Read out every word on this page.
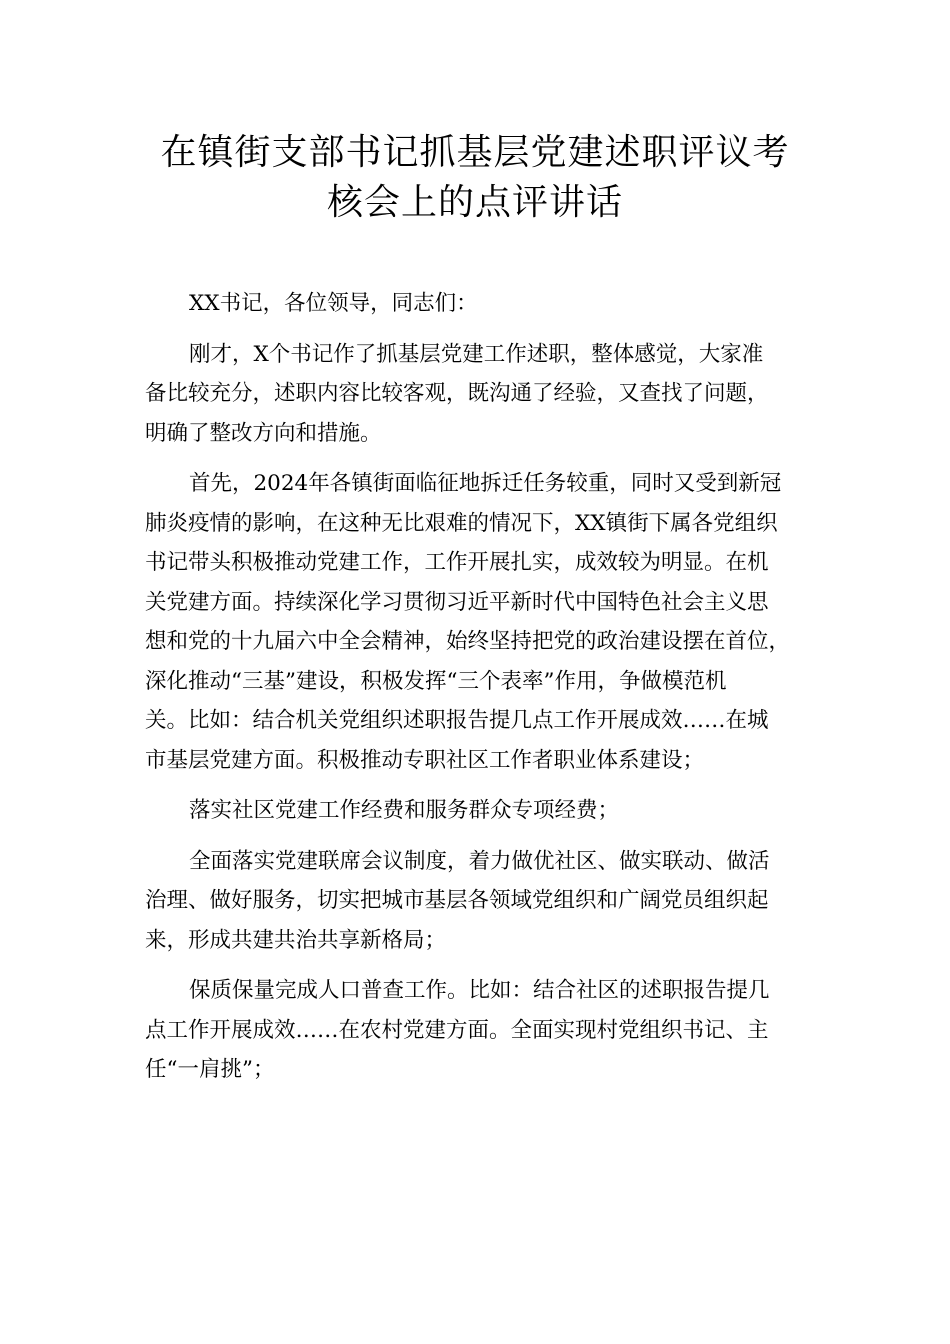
在镇街支部书记抓基层党建述职评议考
核会上的点评讲话

XX书记，各位领导，同志们：

刚才，X个书记作了抓基层党建工作述职，整体感觉，大家准
备比较充分，述职内容比较客观，既沟通了经验，又查找了问题，
明确了整改方向和措施。

首先，2024年各镇街面临征地拆迁任务较重，同时又受到新冠
肺炎疫情的影响，在这种无比艰难的情况下，XX镇街下属各党组织
书记带头积极推动党建工作，工作开展扎实，成效较为明显。在机
关党建方面。持续深化学习贯彻习近平新时代中国特色社会主义思
想和党的十九届六中全会精神，始终坚持把党的政治建设摆在首位，
深化推动“三基”建设，积极发挥“三个表率”作用，争做模范机
关。比如：结合机关党组织述职报告提几点工作开展成效……在城
市基层党建方面。积极推动专职社区工作者职业体系建设；

落实社区党建工作经费和服务群众专项经费；

全面落实党建联席会议制度，着力做优社区、做实联动、做活
治理、做好服务，切实把城市基层各领域党组织和广阔党员组织起
来，形成共建共治共享新格局；

保质保量完成人口普查工作。比如：结合社区的述职报告提几
点工作开展成效……在农村党建方面。全面实现村党组织书记、主
任“一肩挑”；
